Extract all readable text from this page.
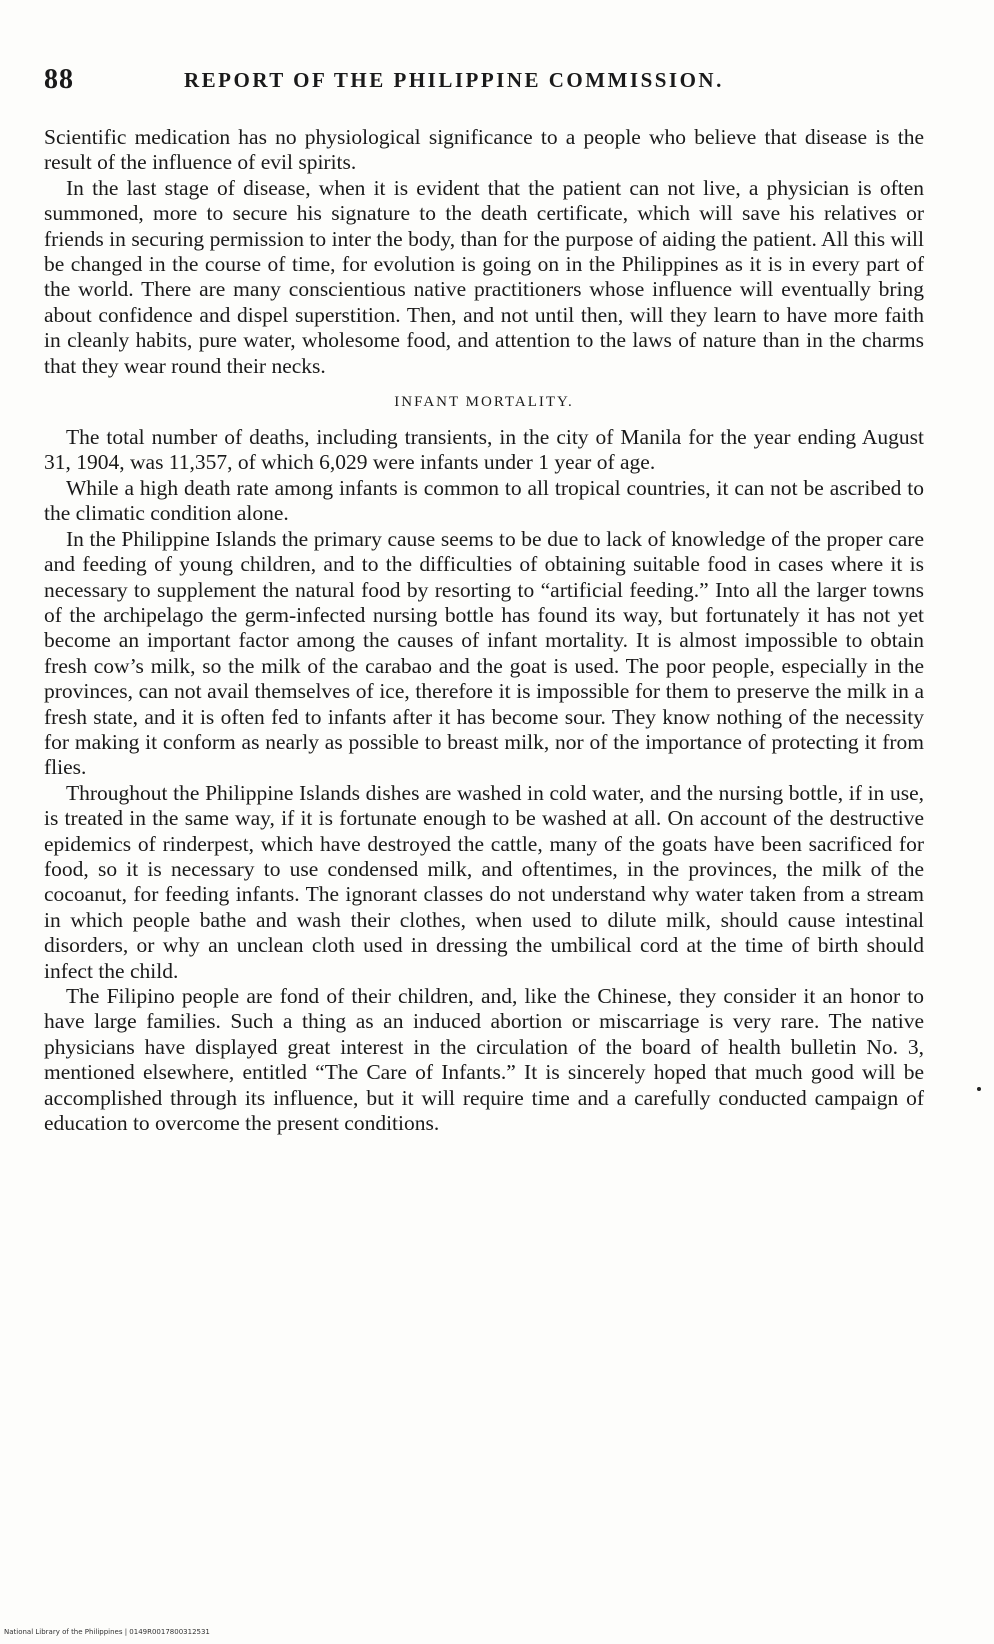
88	REPORT OF THE PHILIPPINE COMMISSION.

Scientific medication has no physiological significance to a people who believe that disease is the result of the influence of evil spirits.

In the last stage of disease, when it is evident that the patient can not live, a physician is often summoned, more to secure his signature to the death certificate, which will save his relatives or friends in securing permission to inter the body, than for the purpose of aiding the patient. All this will be changed in the course of time, for evolution is going on in the Philippines as it is in every part of the world. There are many conscientious native practitioners whose influence will eventually bring about confidence and dispel superstition. Then, and not until then, will they learn to have more faith in cleanly habits, pure water, wholesome food, and attention to the laws of nature than in the charms that they wear round their necks.

INFANT MORTALITY.

The total number of deaths, including transients, in the city of Manila for the year ending August 31, 1904, was 11,357, of which 6,029 were infants under 1 year of age.

While a high death rate among infants is common to all tropical countries, it can not be ascribed to the climatic condition alone.

In the Philippine Islands the primary cause seems to be due to lack of knowledge of the proper care and feeding of young children, and to the difficulties of obtaining suitable food in cases where it is necessary to supplement the natural food by resorting to “artificial feeding.” Into all the larger towns of the archipelago the germ-infected nursing bottle has found its way, but fortunately it has not yet become an important factor among the causes of infant mortality. It is almost impossible to obtain fresh cow’s milk, so the milk of the carabao and the goat is used. The poor people, especially in the provinces, can not avail themselves of ice, therefore it is impossible for them to preserve the milk in a fresh state, and it is often fed to infants after it has become sour. They know nothing of the necessity for making it conform as nearly as possible to breast milk, nor of the importance of protecting it from flies.

Throughout the Philippine Islands dishes are washed in cold water, and the nursing bottle, if in use, is treated in the same way, if it is fortunate enough to be washed at all. On account of the destructive epidemics of rinderpest, which have destroyed the cattle, many of the goats have been sacrificed for food, so it is necessary to use condensed milk, and oftentimes, in the provinces, the milk of the cocoanut, for feeding infants. The ignorant classes do not understand why water taken from a stream in which people bathe and wash their clothes, when used to dilute milk, should cause intestinal disorders, or why an unclean cloth used in dressing the umbilical cord at the time of birth should infect the child.

The Filipino people are fond of their children, and, like the Chinese, they consider it an honor to have large families. Such a thing as an induced abortion or miscarriage is very rare. The native physicians have displayed great interest in the circulation of the board of health bulletin No. 3, mentioned elsewhere, entitled “The Care of Infants.” It is sincerely hoped that much good will be accomplished through its influence, but it will require time and a carefully conducted campaign of education to overcome the present conditions.

National Library of the Philippines | 0149R0017800312531
